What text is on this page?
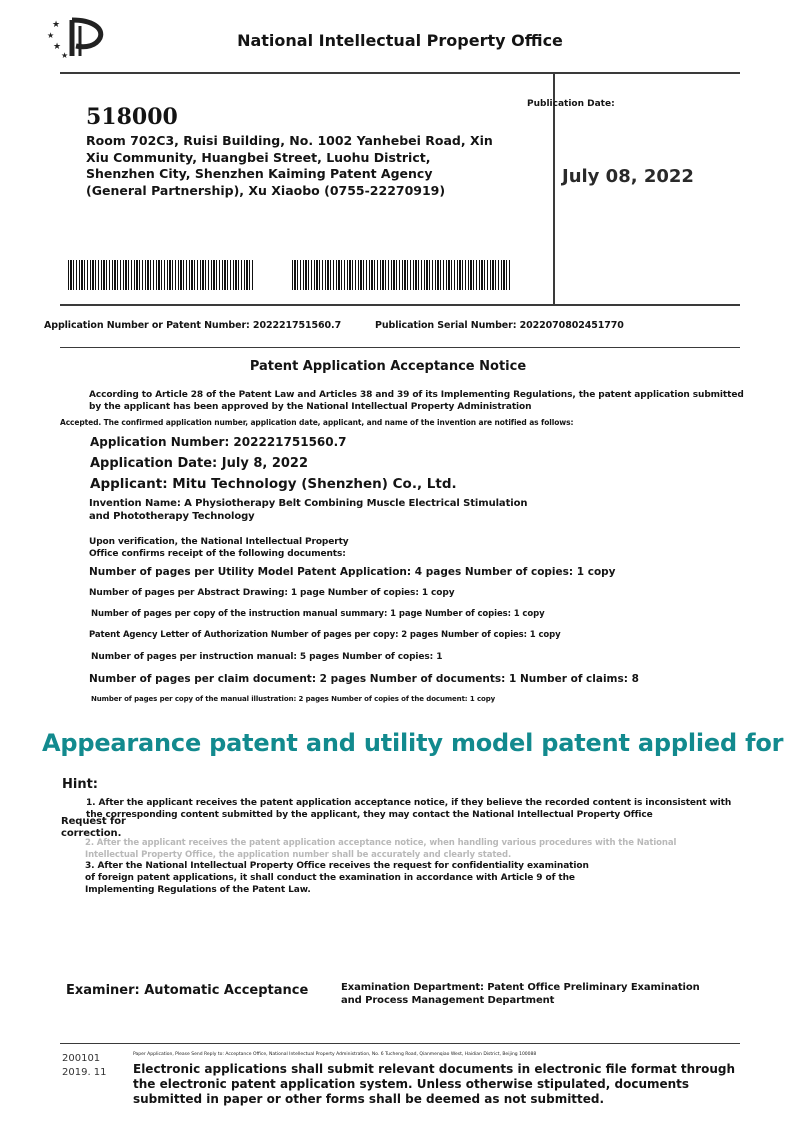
★
★
★
★
National Intellectual Property Office
518000
Room 702C3, Ruisi Building, No. 1002 Yanhebei Road, Xin Xiu Community, Huangbei Street, Luohu District, Shenzhen City, Shenzhen Kaiming Patent Agency (General Partnership), Xu Xiaobo (0755-22270919)
Publication Date:
July 08, 2022
Application Number or Patent Number: 202221751560.7	Publication Serial Number: 2022070802451770
Patent Application Acceptance Notice
According to Article 28 of the Patent Law and Articles 38 and 39 of its Implementing Regulations, the patent application submitted by the applicant has been approved by the National Intellectual Property Administration
Accepted. The confirmed application number, application date, applicant, and name of the invention are notified as follows:
Application Number: 202221751560.7
Application Date: July 8, 2022
Applicant: Mitu Technology (Shenzhen) Co., Ltd.
Invention Name: A Physiotherapy Belt Combining Muscle Electrical Stimulation and Phototherapy Technology
Upon verification, the National Intellectual Property Office confirms receipt of the following documents:
Number of pages per Utility Model Patent Application: 4 pages Number of copies: 1 copy
Number of pages per Abstract Drawing: 1 page Number of copies: 1 copy
Number of pages per copy of the instruction manual summary: 1 page Number of copies: 1 copy
Patent Agency Letter of Authorization Number of pages per copy: 2 pages Number of copies: 1 copy
Number of pages per instruction manual: 5 pages Number of copies: 1
Number of pages per claim document: 2 pages Number of documents: 1 Number of claims: 8
Number of pages per copy of the manual illustration: 2 pages Number of copies of the document: 1 copy
Appearance patent and utility model patent applied for
Hint:
1. After the applicant receives the patent application acceptance notice, if they believe the recorded content is inconsistent with the corresponding content submitted by the applicant, they may contact the National Intellectual Property Office
Request for correction.
2. After the applicant receives the patent application acceptance notice, when handling various procedures with the National Intellectual Property Office, the application number shall be accurately and clearly stated.
3. After the National Intellectual Property Office receives the request for confidentiality examination of foreign patent applications, it shall conduct the examination in accordance with Article 9 of the Implementing Regulations of the Patent Law.
Examiner: Automatic Acceptance	Examination Department: Patent Office Preliminary Examination and Process Management Department
200101
2019. 11
Paper Application, Please Send Reply to: Acceptance Office, National Intellectual Property Administration, No. 6 Tucheng Road, Qianmenqiao West, Haidian District, Beijing 100088
Electronic applications shall submit relevant documents in electronic file format through the electronic patent application system. Unless otherwise stipulated, documents submitted in paper or other forms shall be deemed as not submitted.
